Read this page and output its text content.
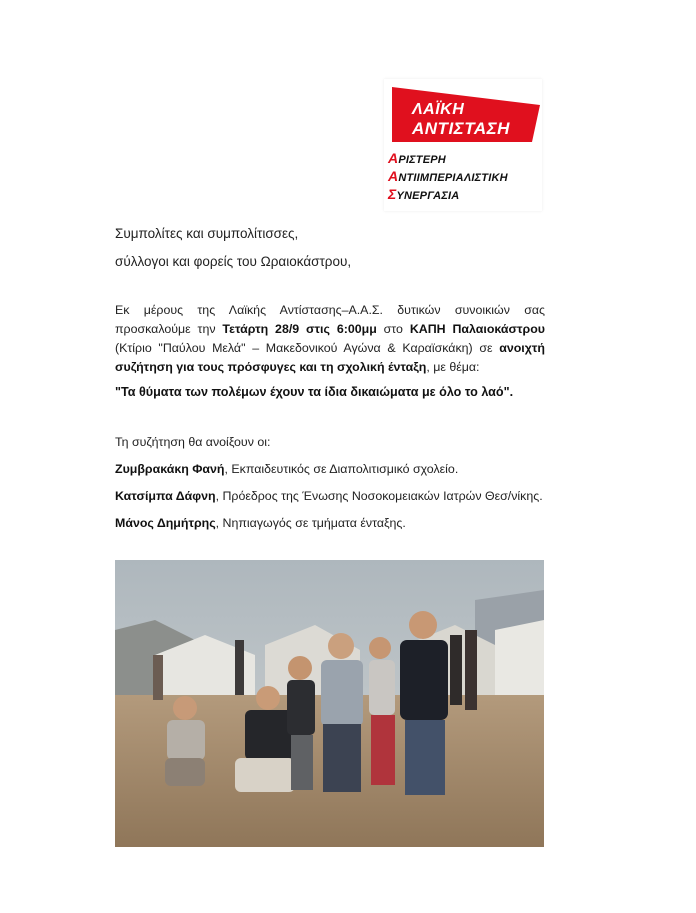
ΛΑΪΚΗ
ΑΝΤΙΣΤΑΣΗ
ΑΡΙΣΤΕΡΗ
ΑΝΤΙΙΜΠΕΡΙΑΛΙΣΤΙΚΗ
ΣΥΝΕΡΓΑΣΙΑ
Συμπολίτες και συμπολίτισσες,
σύλλογοι και φορείς του Ωραιοκάστρου,
Εκ μέρους της Λαϊκής Αντίστασης–Α.Α.Σ. δυτικών συνοικιών σας προσκαλούμε την Τετάρτη 28/9 στις 6:00μμ στο ΚΑΠΗ Παλαιοκάστρου (Κτίριο "Παύλου Μελά" – Μακεδονικού Αγώνα & Καραϊσκάκη) σε ανοιχτή συζήτηση για τους πρόσφυγες και τη σχολική ένταξη, με θέμα:
"Τα θύματα των πολέμων έχουν τα ίδια δικαιώματα με όλο το λαό".
Τη συζήτηση θα ανοίξουν οι:
Ζυμβρακάκη Φανή, Εκπαιδευτικός σε Διαπολιτισμικό σχολείο.
Κατσίμπα Δάφνη, Πρόεδρος της Ένωσης Νοσοκομειακών Ιατρών Θεσ/νίκης.
Μάνος Δημήτρης, Νηπιαγωγός σε τμήματα ένταξης.
